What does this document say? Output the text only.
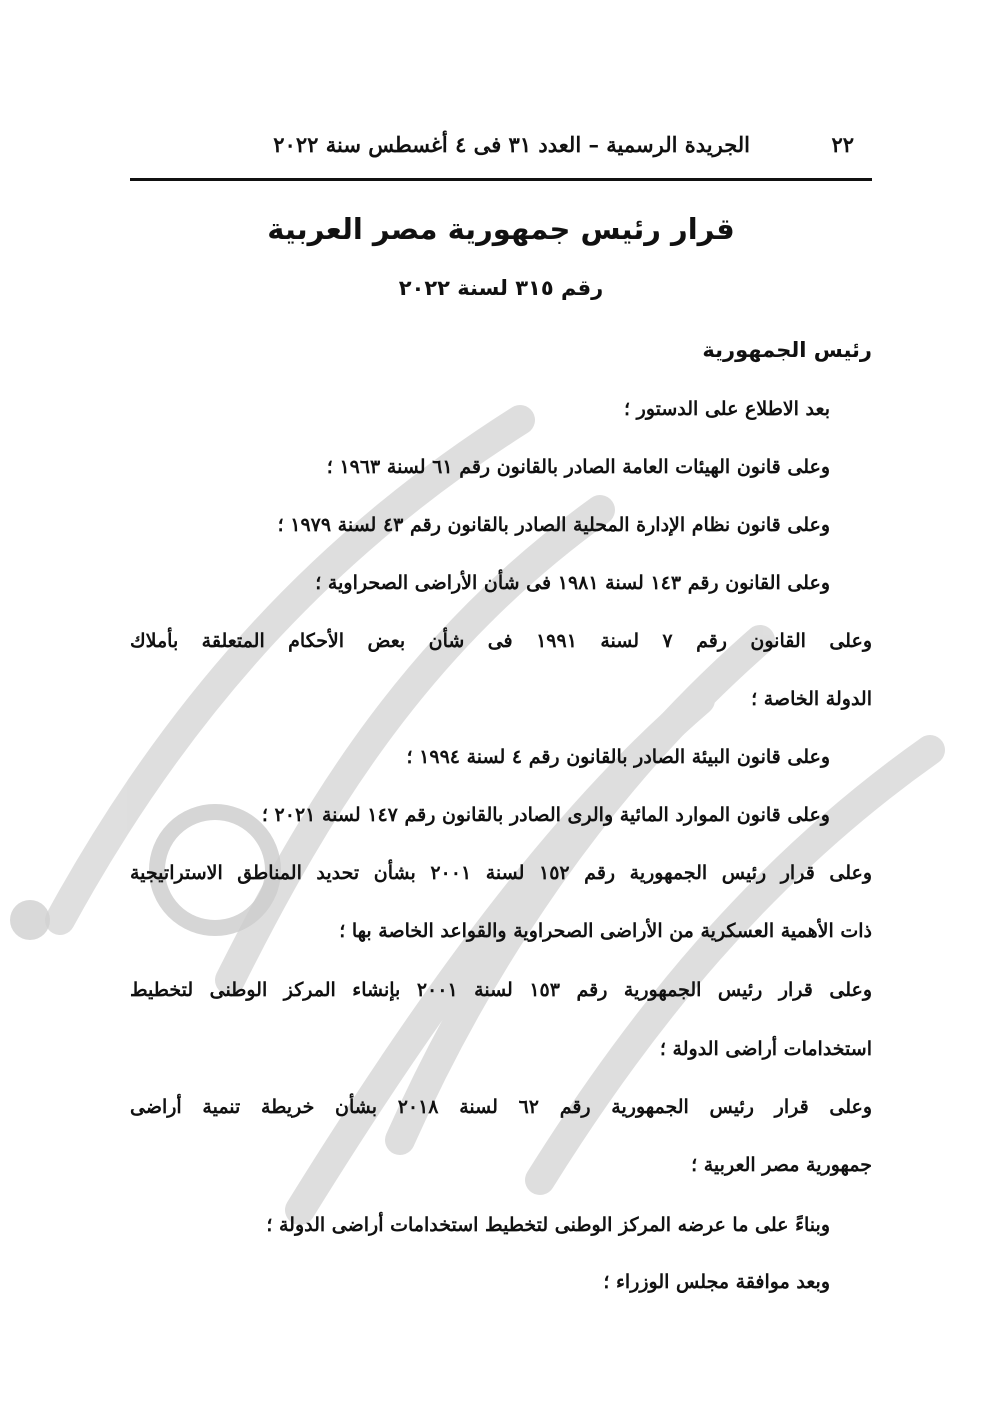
٢٢
الجريدة الرسمية – العدد ٣١ فى ٤ أغسطس سنة ٢٠٢٢
قرار رئيس جمهورية مصر العربية
رقم ٣١٥ لسنة ٢٠٢٢
رئيس الجمهورية
بعد الاطلاع على الدستور ؛
وعلى قانون الهيئات العامة الصادر بالقانون رقم ٦١ لسنة ١٩٦٣ ؛
وعلى قانون نظام الإدارة المحلية الصادر بالقانون رقم ٤٣ لسنة ١٩٧٩ ؛
وعلى القانون رقم ١٤٣ لسنة ١٩٨١ فى شأن الأراضى الصحراوية ؛
وعلى القانون رقم ٧ لسنة ١٩٩١ فى شأن بعض الأحكام المتعلقة بأملاك
الدولة الخاصة ؛
وعلى قانون البيئة الصادر بالقانون رقم ٤ لسنة ١٩٩٤ ؛
وعلى قانون الموارد المائية والرى الصادر بالقانون رقم ١٤٧ لسنة ٢٠٢١ ؛
وعلى قرار رئيس الجمهورية رقم ١٥٢ لسنة ٢٠٠١ بشأن تحديد المناطق الاستراتيجية
ذات الأهمية العسكرية من الأراضى الصحراوية والقواعد الخاصة بها ؛
وعلى قرار رئيس الجمهورية رقم ١٥٣ لسنة ٢٠٠١ بإنشاء المركز الوطنى لتخطيط
استخدامات أراضى الدولة ؛
وعلى قرار رئيس الجمهورية رقم ٦٢ لسنة ٢٠١٨ بشأن خريطة تنمية أراضى
جمهورية مصر العربية ؛
وبناءً على ما عرضه المركز الوطنى لتخطيط استخدامات أراضى الدولة ؛
وبعد موافقة مجلس الوزراء ؛
